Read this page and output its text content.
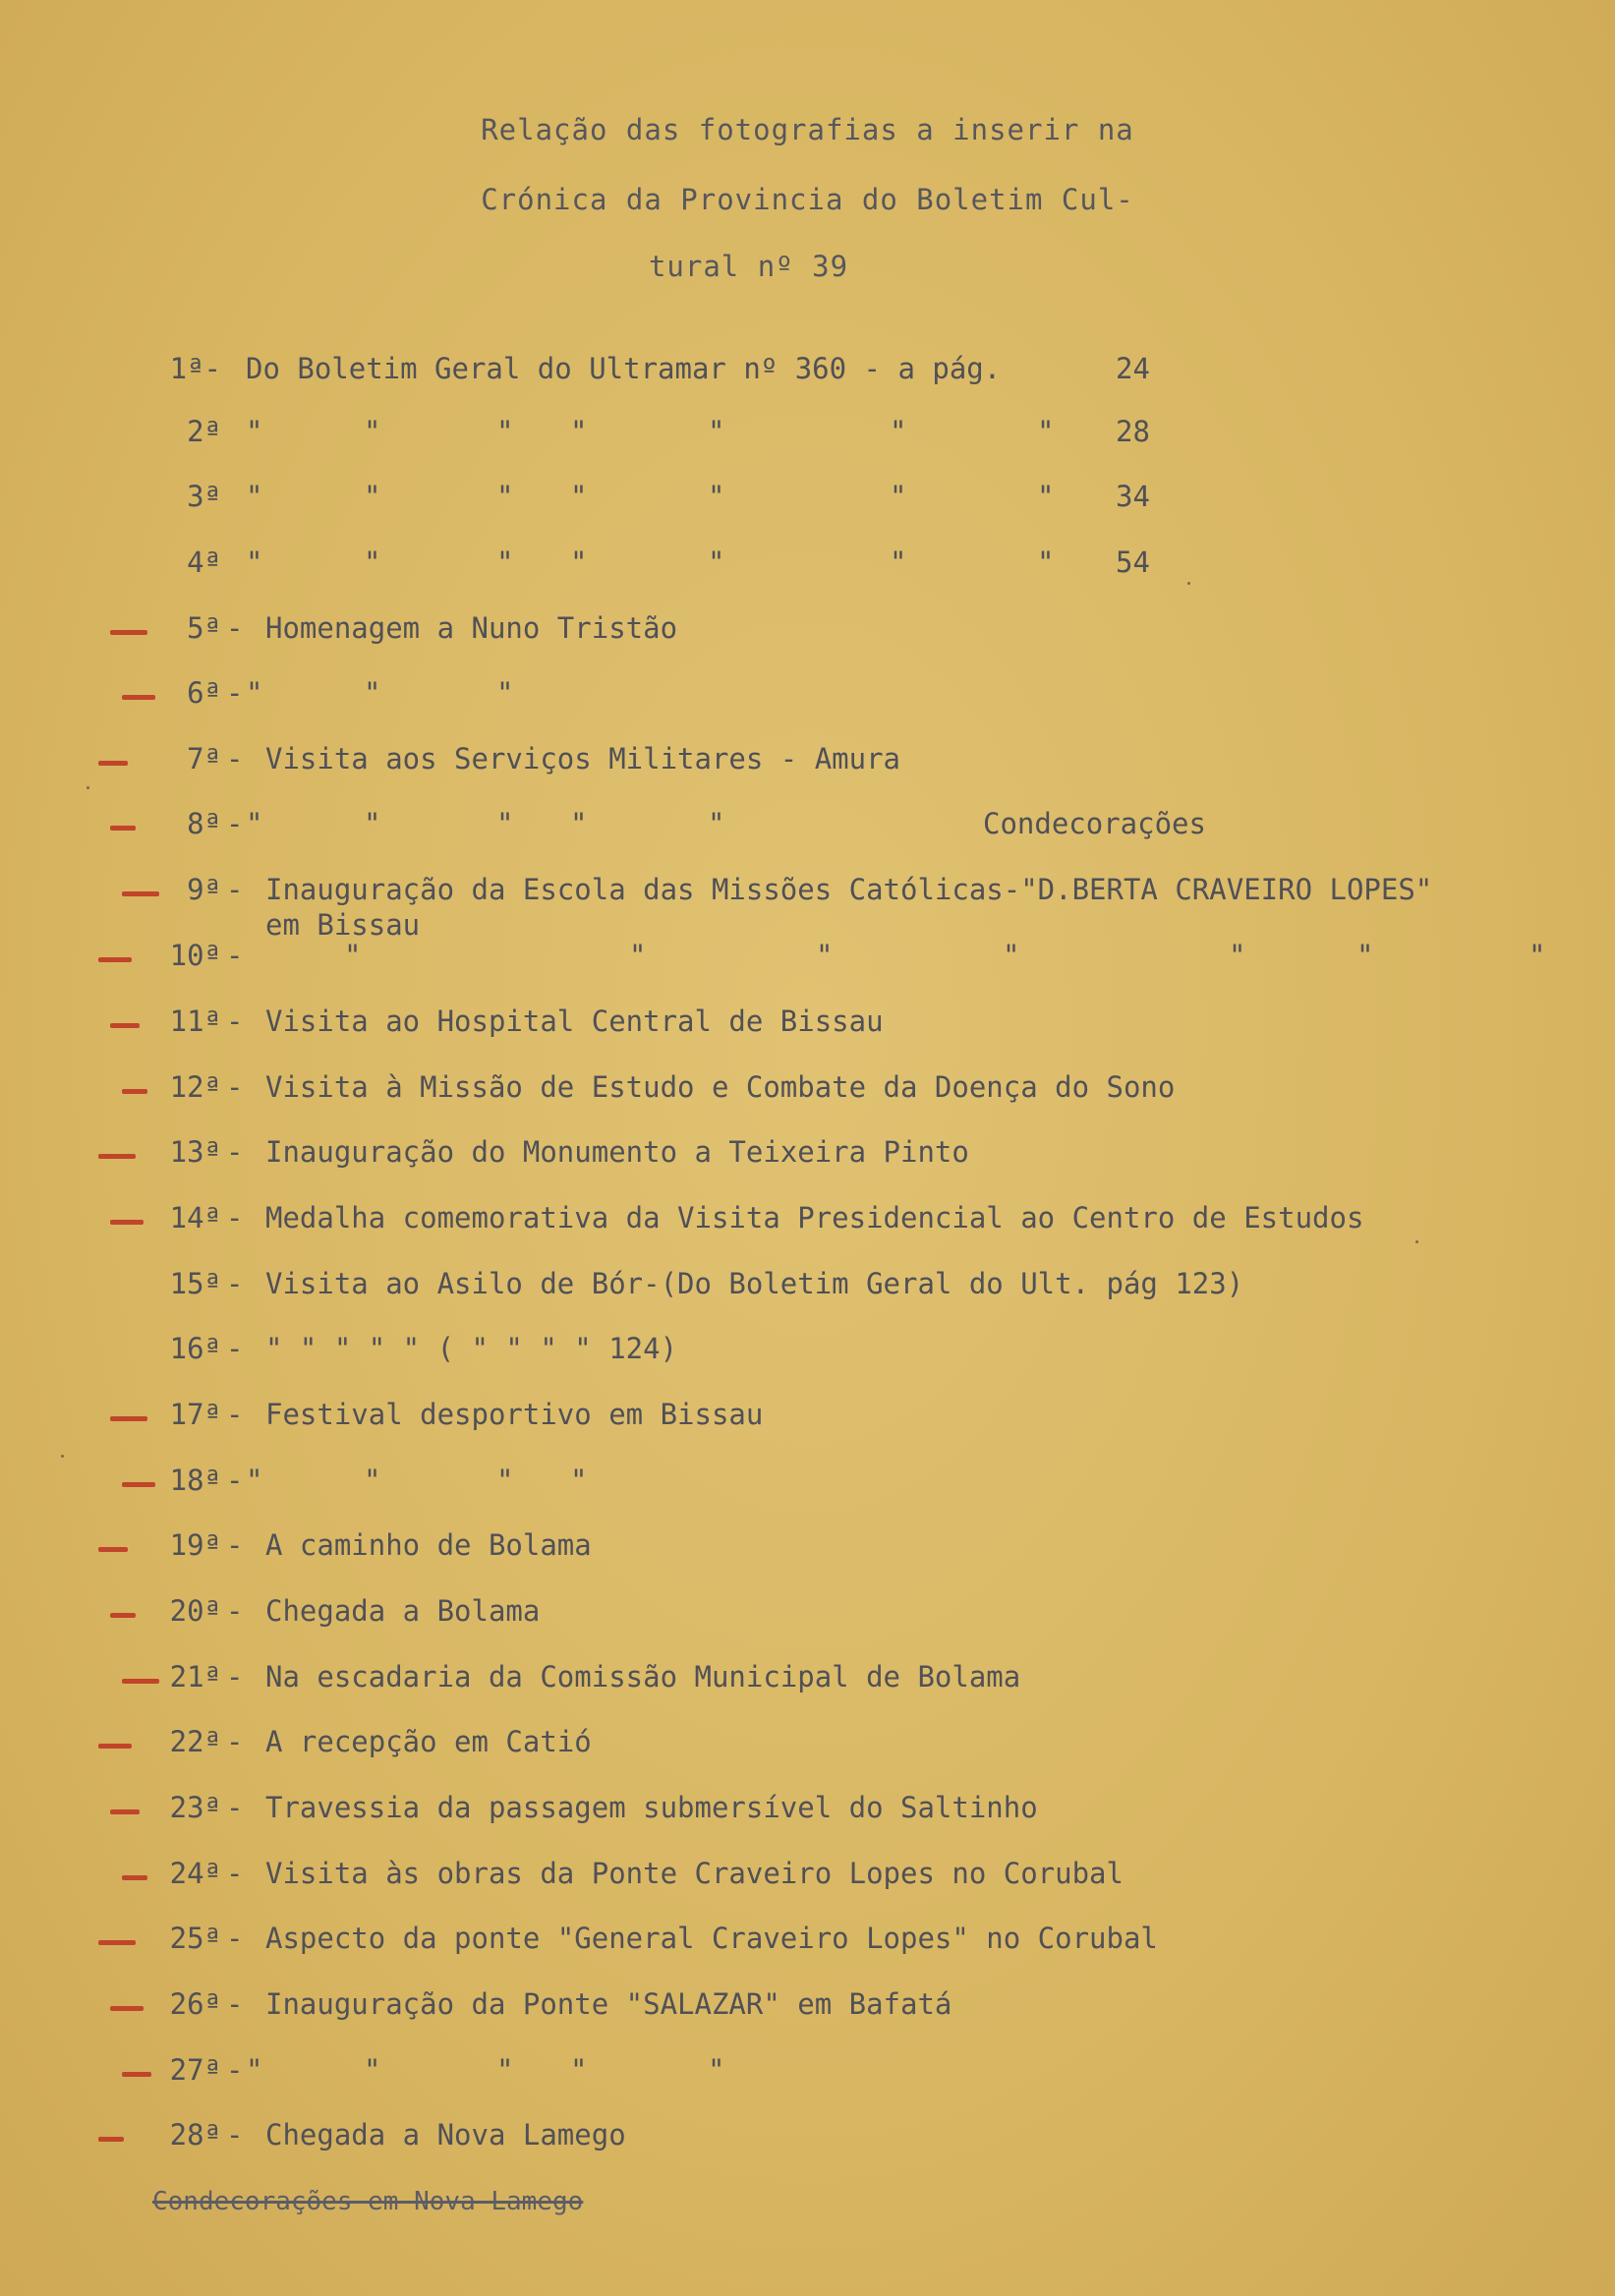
Relação das fotografias a inserir na
Crónica da Provincia do Boletim Cul-
tural nº 39
1ª- Do Boletim Geral do Ultramar nº 360 - a pág.	24
2ª "	"	" "	"	"	" 28
3ª "	"	" "	"	"	" 34
4ª "	"	" "	"	"	" 54
5ª - Homenagem a Nuno Tristão
6ª - "	"	"
7ª - Visita aos Serviços Militares - Amura
8ª - "	"	" "	"	Condecorações
9ª - Inauguração da Escola das Missões Católicas-"D.BERTA CRAVEIRO LOPES"
em Bissau
10ª -	"	"	"	"	"	"	"
11ª - Visita ao Hospital Central de Bissau
12ª - Visita à Missão de Estudo e Combate da Doença do Sono
13ª - Inauguração do Monumento a Teixeira Pinto
14ª - Medalha comemorativa da Visita Presidencial ao Centro de Estudos
15ª - Visita ao Asilo de Bór-(Do Boletim Geral do Ult. pág 123)
16ª - " " " " " ( " " " " 124)
17ª - Festival desportivo em Bissau
18ª - "	"	" "
19ª - A caminho de Bolama
20ª - Chegada a Bolama
21ª - Na escadaria da Comissão Municipal de Bolama
22ª - A recepção em Catió
23ª - Travessia da passagem submersível do Saltinho
24ª - Visita às obras da Ponte Craveiro Lopes no Corubal
25ª - Aspecto da ponte "General Craveiro Lopes" no Corubal
26ª - Inauguração da Ponte "SALAZAR" em Bafatá
27ª - "	"	" "	"
28ª - Chegada a Nova Lamego
Condecorações em Nova Lamego
